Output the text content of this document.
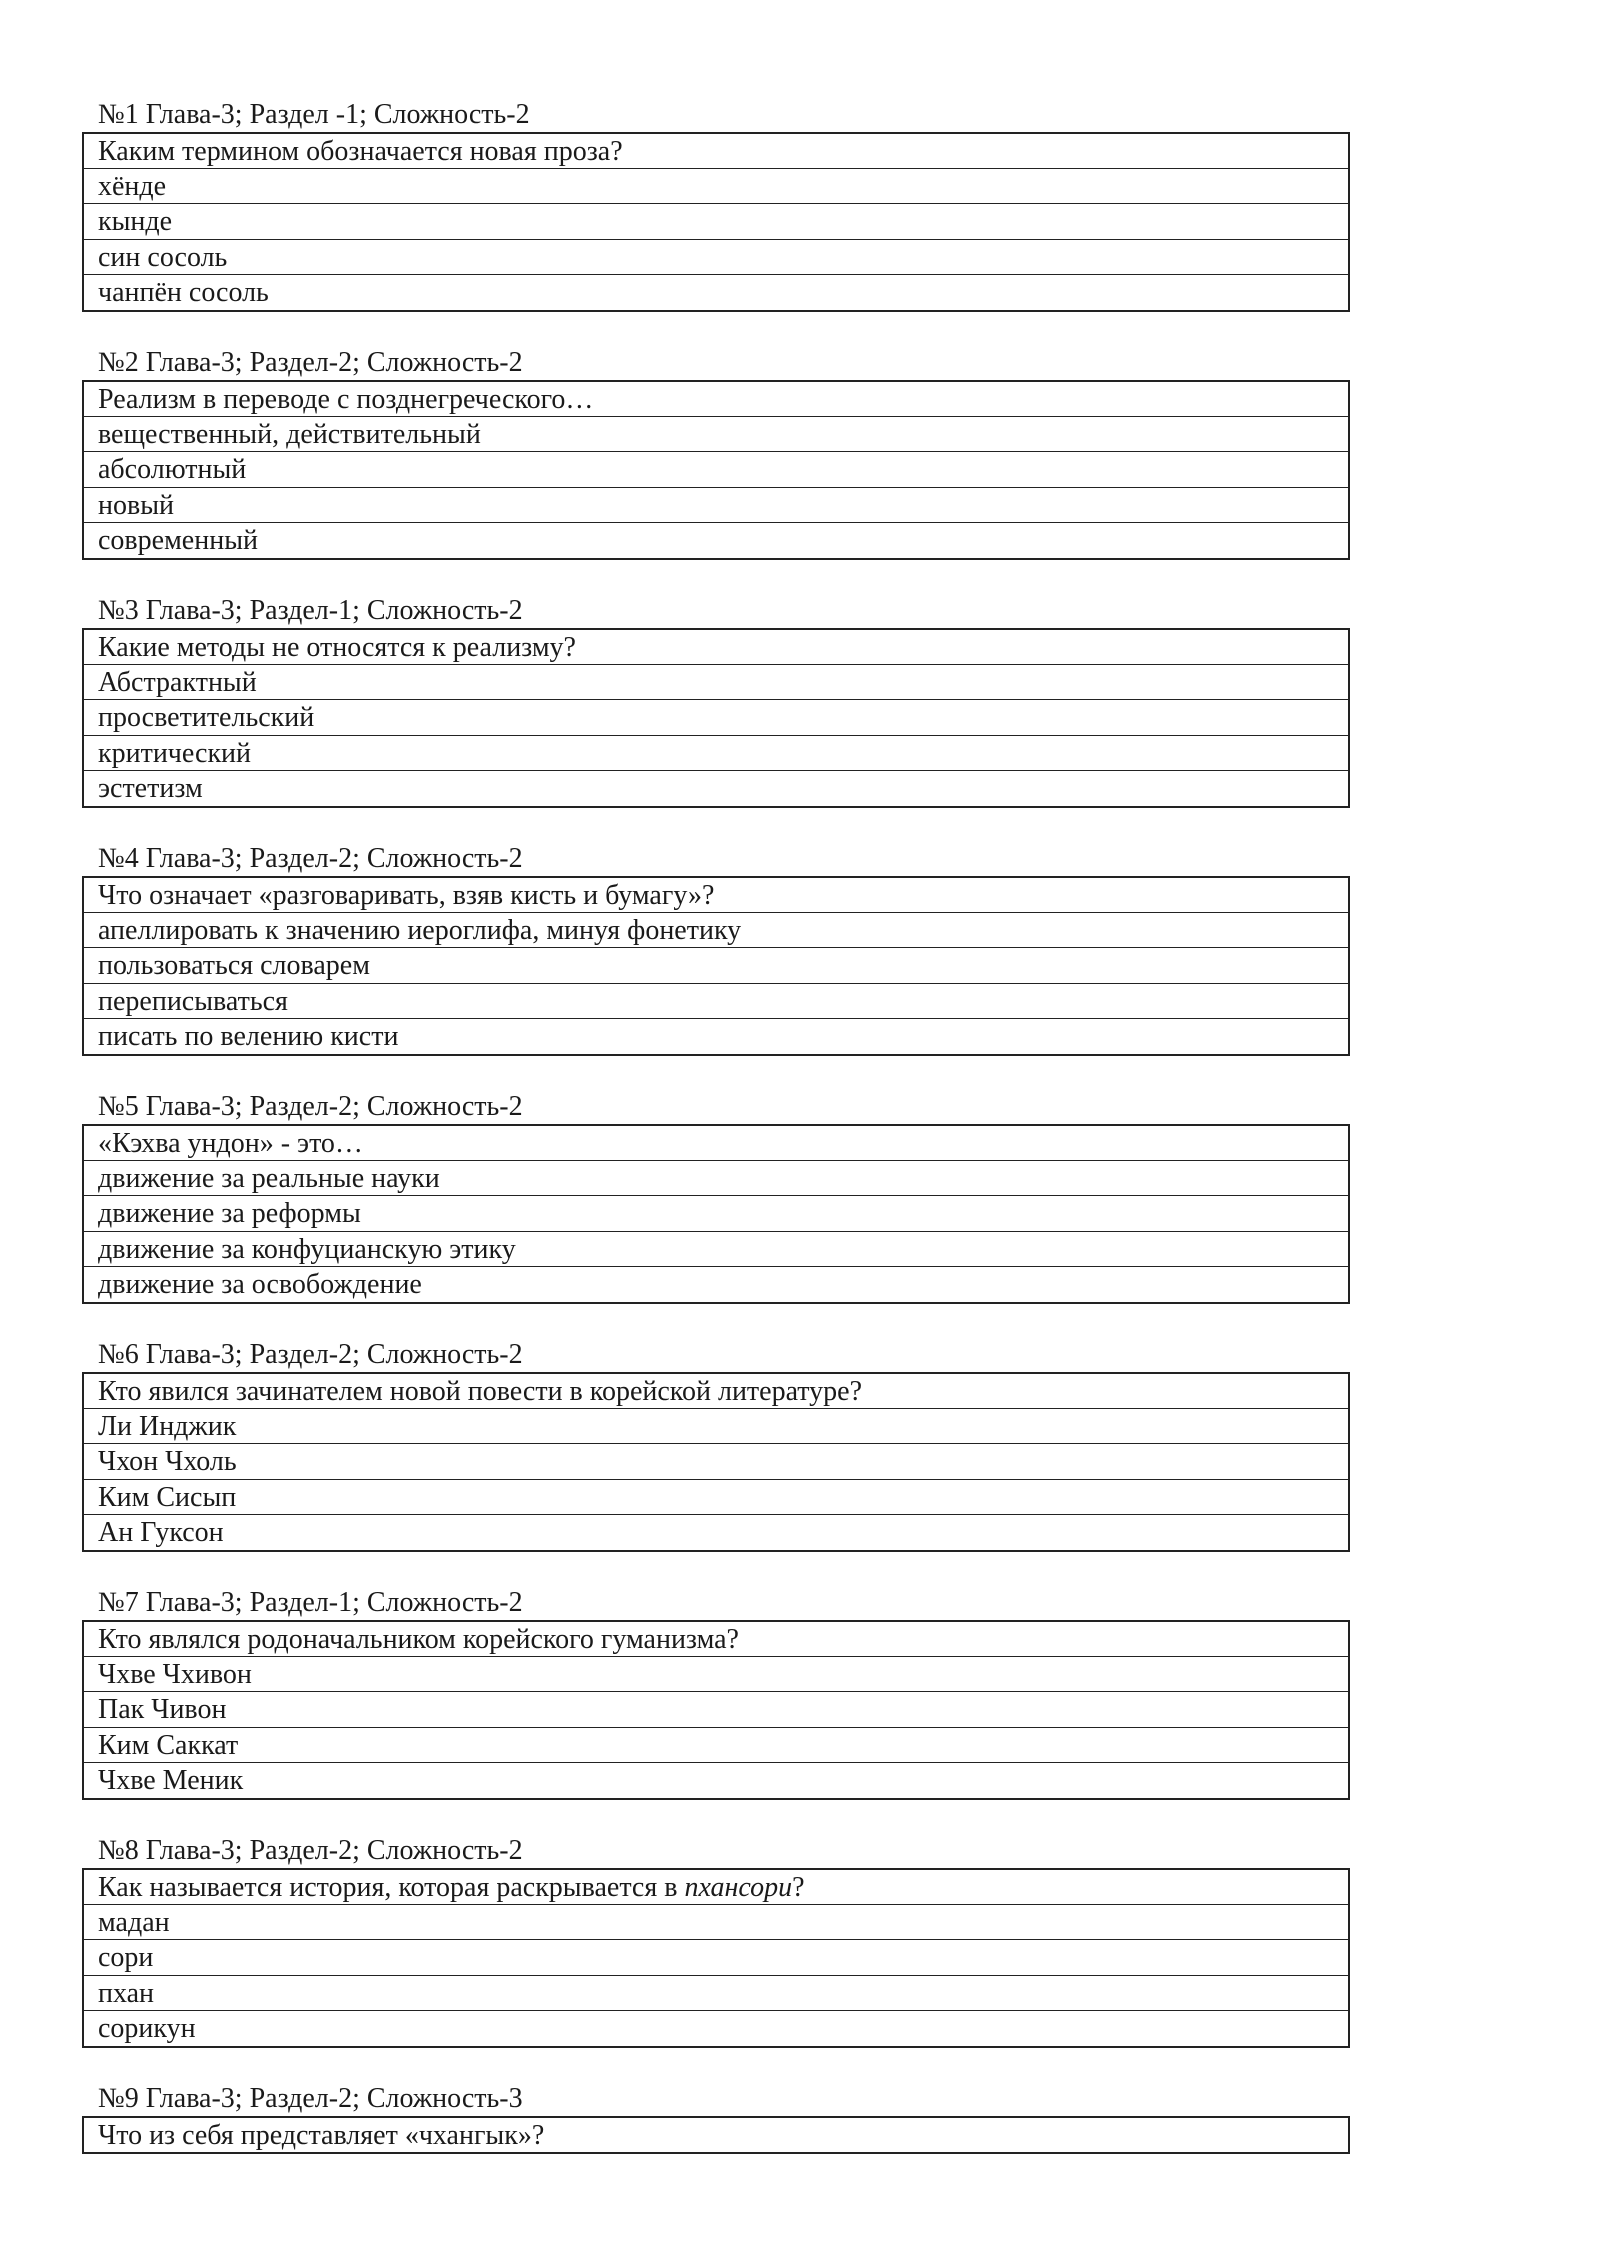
№1 Глава-3; Раздел -1; Сложность-2
Каким термином обозначается новая проза?
хёнде
кынде
син сосоль
чанпён сосоль
№2 Глава-3; Раздел-2; Сложность-2
Реализм в переводе с позднегреческого…
вещественный, действительный
абсолютный
новый
современный
№3 Глава-3; Раздел-1; Сложность-2
Какие методы не относятся к реализму?
Абстрактный
просветительский
критический
эстетизм
№4 Глава-3; Раздел-2; Сложность-2
Что означает «разговаривать, взяв кисть и бумагу»?
апеллировать к значению иероглифа, минуя фонетику
пользоваться словарем
переписываться
писать по велению кисти
№5 Глава-3; Раздел-2; Сложность-2
«Кэхва ундон» - это…
движение за реальные науки
движение за реформы
движение за конфуцианскую этику
движение за освобождение
№6 Глава-3; Раздел-2; Сложность-2
Кто явился зачинателем новой повести в корейской литературе?
Ли Инджик
Чхон Чхоль
Ким Сисып
Ан Гуксон
№7 Глава-3; Раздел-1; Сложность-2
Кто являлся родоначальником корейского гуманизма?
Чхве Чхивон
Пак Чивон
Ким Саккат
Чхве Меник
№8 Глава-3; Раздел-2; Сложность-2
Как называется история, которая раскрывается в пхансори?
мадан
сори
пхан
сорикун
№9 Глава-3; Раздел-2; Сложность-3
Что из себя представляет «чхангык»?
